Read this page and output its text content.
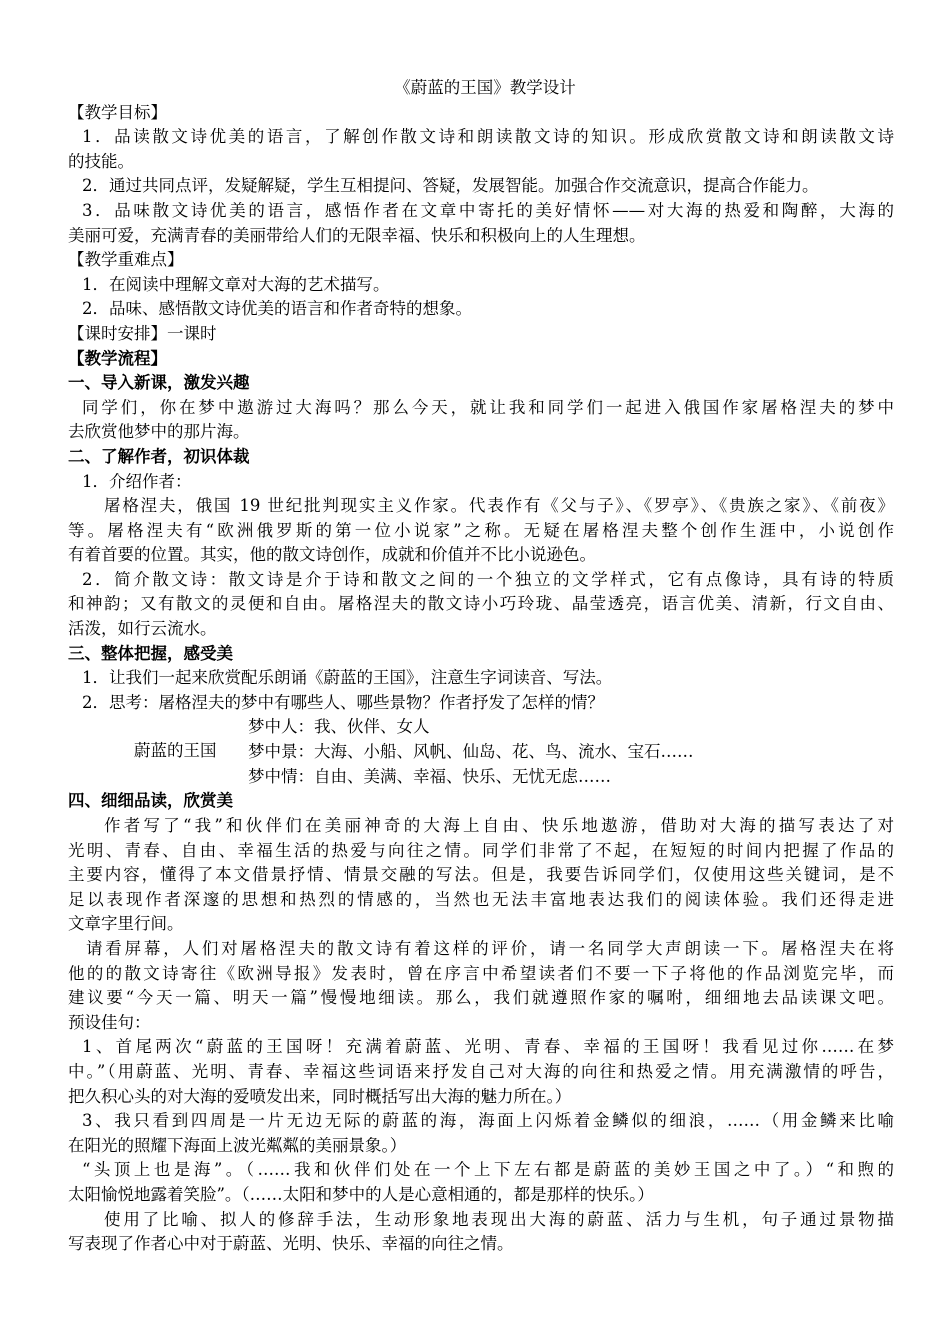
《蔚蓝的王国》教学设计
【教学目标】
1．品读散文诗优美的语言，了解创作散文诗和朗读散文诗的知识。形成欣赏散文诗和朗读散文诗
的技能。
2．通过共同点评，发疑解疑，学生互相提问、答疑，发展智能。加强合作交流意识，提高合作能力。
3．品味散文诗优美的语言，感悟作者在文章中寄托的美好情怀——对大海的热爱和陶醉，大海的
美丽可爱，充满青春的美丽带给人们的无限幸福、快乐和积极向上的人生理想。
【教学重难点】
1．在阅读中理解文章对大海的艺术描写。
2．品味、感悟散文诗优美的语言和作者奇特的想象。
【课时安排】一课时
【教学流程】
一、导入新课，激发兴趣
同学们，你在梦中遨游过大海吗？那么今天，就让我和同学们一起进入俄国作家屠格涅夫的梦中
去欣赏他梦中的那片海。
二、了解作者，初识体裁
1．介绍作者：
屠格涅夫，俄国 19 世纪批判现实主义作家。代表作有《父与子》、《罗亭》、《贵族之家》、《前夜》
等。屠格涅夫有“欧洲俄罗斯的第一位小说家”之称。无疑在屠格涅夫整个创作生涯中，小说创作
有着首要的位置。其实，他的散文诗创作，成就和价值并不比小说逊色。
2．简介散文诗：散文诗是介于诗和散文之间的一个独立的文学样式，它有点像诗，具有诗的特质
和神韵；又有散文的灵便和自由。屠格涅夫的散文诗小巧玲珑、晶莹透亮，语言优美、清新，行文自由、
活泼，如行云流水。
三、整体把握，感受美
1．让我们一起来欣赏配乐朗诵《蔚蓝的王国》，注意生字词读音、写法。
2．思考：屠格涅夫的梦中有哪些人、哪些景物？作者抒发了怎样的情？
蔚蓝的王国
梦中人：我、伙伴、女人
梦中景：大海、小船、风帆、仙岛、花、鸟、流水、宝石……
梦中情：自由、美满、幸福、快乐、无忧无虑……
四、细细品读，欣赏美
作者写了“我”和伙伴们在美丽神奇的大海上自由、快乐地遨游，借助对大海的描写表达了对
光明、青春、自由、幸福生活的热爱与向往之情。同学们非常了不起，在短短的时间内把握了作品的
主要内容，懂得了本文借景抒情、情景交融的写法。但是，我要告诉同学们，仅使用这些关键词，是不
足以表现作者深邃的思想和热烈的情感的，当然也无法丰富地表达我们的阅读体验。我们还得走进
文章字里行间。
请看屏幕，人们对屠格涅夫的散文诗有着这样的评价，请一名同学大声朗读一下。屠格涅夫在将
他的的散文诗寄往《欧洲导报》发表时，曾在序言中希望读者们不要一下子将他的作品浏览完毕，而
建议要“今天一篇、明天一篇”慢慢地细读。那么，我们就遵照作家的嘱咐，细细地去品读课文吧。
预设佳句：
1、首尾两次“蔚蓝的王国呀！充满着蔚蓝、光明、青春、幸福的王国呀！我看见过你……在梦
中。”（用蔚蓝、光明、青春、幸福这些词语来抒发自己对大海的向往和热爱之情。用充满激情的呼告，
把久积心头的对大海的爱喷发出来，同时概括写出大海的魅力所在。）
3、我只看到四周是一片无边无际的蔚蓝的海，海面上闪烁着金鳞似的细浪，……（用金鳞来比喻
在阳光的照耀下海面上波光粼粼的美丽景象。）
“头顶上也是海”。（……我和伙伴们处在一个上下左右都是蔚蓝的美妙王国之中了。）“和煦的
太阳愉悦地露着笑脸”。（……太阳和梦中的人是心意相通的，都是那样的快乐。）
使用了比喻、拟人的修辞手法，生动形象地表现出大海的蔚蓝、活力与生机，句子通过景物描
写表现了作者心中对于蔚蓝、光明、快乐、幸福的向往之情。
